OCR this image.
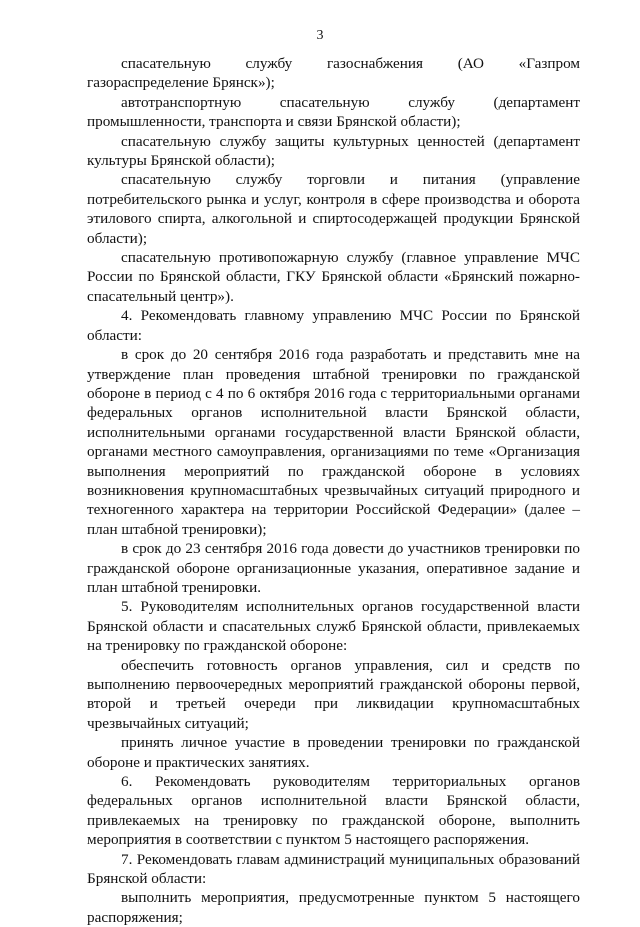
3

спасательную службу газоснабжения (АО «Газпром газораспределение Брянск»);

автотранспортную спасательную службу (департамент промышленности, транспорта и связи Брянской области);

спасательную службу защиты культурных ценностей (департамент культуры Брянской области);

спасательную службу торговли и питания (управление потребительского рынка и услуг, контроля в сфере производства и оборота этилового спирта, алкогольной и спиртосодержащей продукции Брянской области);

спасательную противопожарную службу (главное управление МЧС России по Брянской области, ГКУ Брянской области «Брянский пожарно-спасательный центр»).

4. Рекомендовать главному управлению МЧС России по Брянской области:

в срок до 20 сентября 2016 года разработать и представить мне на утверждение план проведения штабной тренировки по гражданской обороне в период с 4 по 6 октября 2016 года с территориальными органами федеральных органов исполнительной власти Брянской области, исполнительными органами государственной власти Брянской области, органами местного самоуправления, организациями по теме «Организация выполнения мероприятий по гражданской обороне в условиях возникновения крупномасштабных чрезвычайных ситуаций природного и техногенного характера на территории Российской Федерации» (далее – план штабной тренировки);

в срок до 23 сентября 2016 года довести до участников тренировки по гражданской обороне организационные указания, оперативное задание и план штабной тренировки.

5. Руководителям исполнительных органов государственной власти Брянской области и спасательных служб Брянской области, привлекаемых на тренировку по гражданской обороне:

обеспечить готовность органов управления, сил и средств по выполнению первоочередных мероприятий гражданской обороны первой, второй и третьей очереди при ликвидации крупномасштабных чрезвычайных ситуаций;

принять личное участие в проведении тренировки по гражданской обороне и практических занятиях.

6. Рекомендовать руководителям территориальных органов федеральных органов исполнительной власти Брянской области, привлекаемых на тренировку по гражданской обороне, выполнить мероприятия в соответствии с пунктом 5 настоящего распоряжения.

7. Рекомендовать главам администраций муниципальных образований Брянской области:

выполнить мероприятия, предусмотренные пунктом 5 настоящего распоряжения;
